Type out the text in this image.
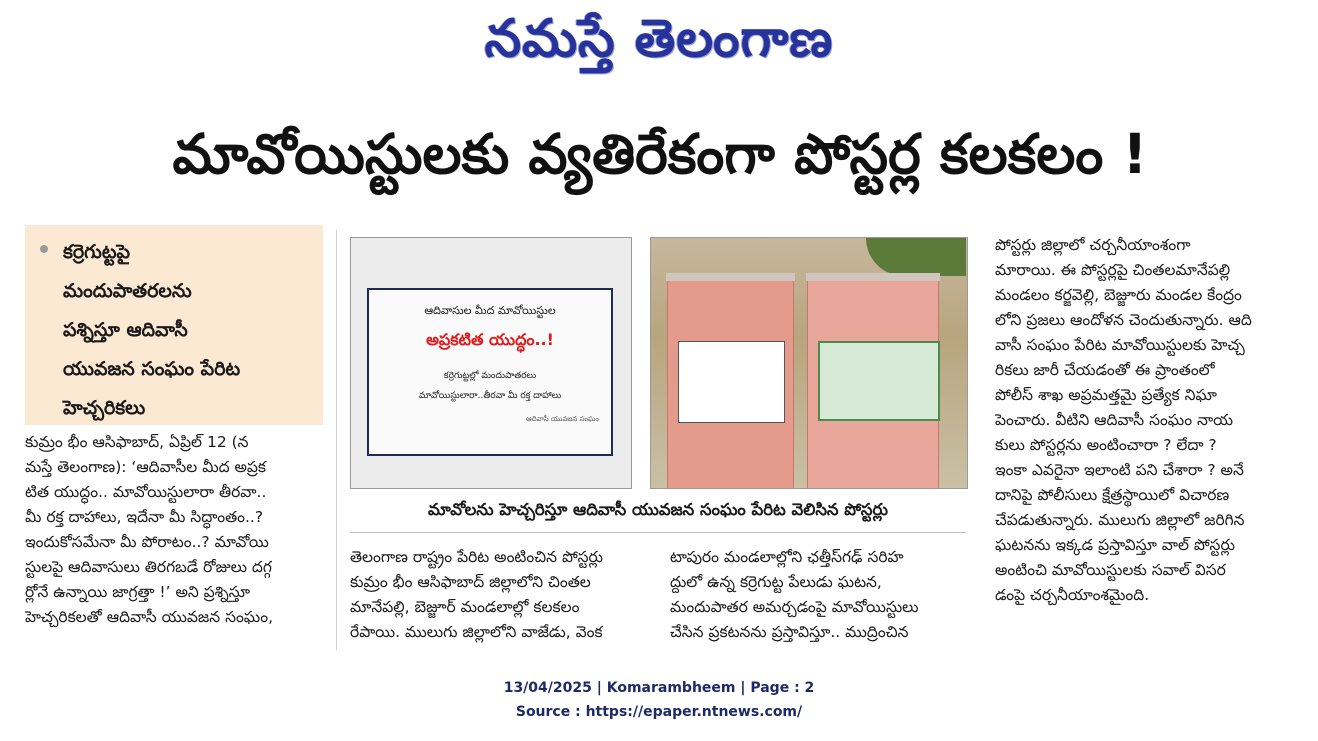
నమస్తే తెలంగాణ
మావోయిస్టులకు వ్యతిరేకంగా పోస్టర్ల కలకలం !
కర్రెగుట్టపై
మందుపాతరలను
పశ్నిస్తూ ఆదివాసీ
యువజన సంఘం పేరిట
హెచ్చరికలు

కుమ్రం భీం ఆసిఫాబాద్, ఏప్రిల్ 12 (న

మస్తే తెలంగాణ): ‘ఆదివాసీల మీద అప్రక

టిత యుద్ధం.. మావోయిస్టులారా తీరవా..

మీ రక్త దాహాలు, ఇదేనా మీ సిద్ధాంతం..?

ఇందుకోసమేనా మీ పోరాటం..? మావోయి

స్టులపై ఆదివాసులు తిరగబడే రోజులు దగ్గ

ర్లోనే ఉన్నాయి జాగ్రత్తా !’ అని ప్రశ్నిస్తూ

హెచ్చరికలతో ఆదివాసీ యువజన సంఘం,

ఆదివాసుల మీద మావోయిస్టుల
అప్రకటిత యుద్ధం..!
కర్రెగుట్టల్లో మందుపాతరలు
మావోయిస్టులారా..తీరవా మీ రక్త దాహాలు
ఆదివాసీ యువజన సంఘం
మావోలను హెచ్చరిస్తూ ఆదివాసీ యువజన సంఘం పేరిట వెలిసిన పోస్టర్లు

తెలంగాణ రాష్ట్రం పేరిట అంటించిన పోస్టర్లు

కుమ్రం భీం ఆసిఫాబాద్ జిల్లాలోని చింతల

మానేపల్లి, బెజ్జూర్ మండలాల్లో కలకలం

రేపాయి. ములుగు జిల్లాలోని వాజేడు, వెంక

టాపురం మండలాల్లోని ఛత్తీస్‌గఢ్ సరిహ

ద్దులో ఉన్న కర్రెగుట్ట పేలుడు ఘటన,

మందుపాతర అమర్చడంపై మావోయిస్టులు

చేసిన ప్రకటనను ప్రస్తావిస్తూ.. ముద్రించిన

పోస్టర్లు జిల్లాలో చర్చనీయాంశంగా

మారాయి. ఈ పోస్టర్లపై చింతలమానేపల్లి

మండలం కర్జవెల్లి, బెజ్జూరు మండల కేంద్రం

లోని ప్రజలు ఆందోళన చెందుతున్నారు. ఆది

వాసీ సంఘం పేరిట మావోయిస్టులకు హెచ్చ

రికలు జారీ చేయడంతో ఈ ప్రాంతంలో

పోలీస్ శాఖ అప్రమత్తమై ప్రత్యేక నిఘా

పెంచారు. వీటిని ఆదివాసీ సంఘం నాయ

కులు పోస్టర్లను అంటించారా ? లేదా ?

ఇంకా ఎవరైనా ఇలాంటి పని చేశారా ? అనే

దానిపై పోలీసులు క్షేత్రస్థాయిలో విచారణ

చేపడుతున్నారు. ములుగు జిల్లాలో జరిగిన

ఘటనను ఇక్కడ ప్రస్తావిస్తూ వాల్ పోస్టర్లు

అంటించి మావోయిస్టులకు సవాల్ విసర

డంపై చర్చనీయాంశమైంది.

13/04/2025 | Komarambheem | Page : 2
Source : https://epaper.ntnews.com/
